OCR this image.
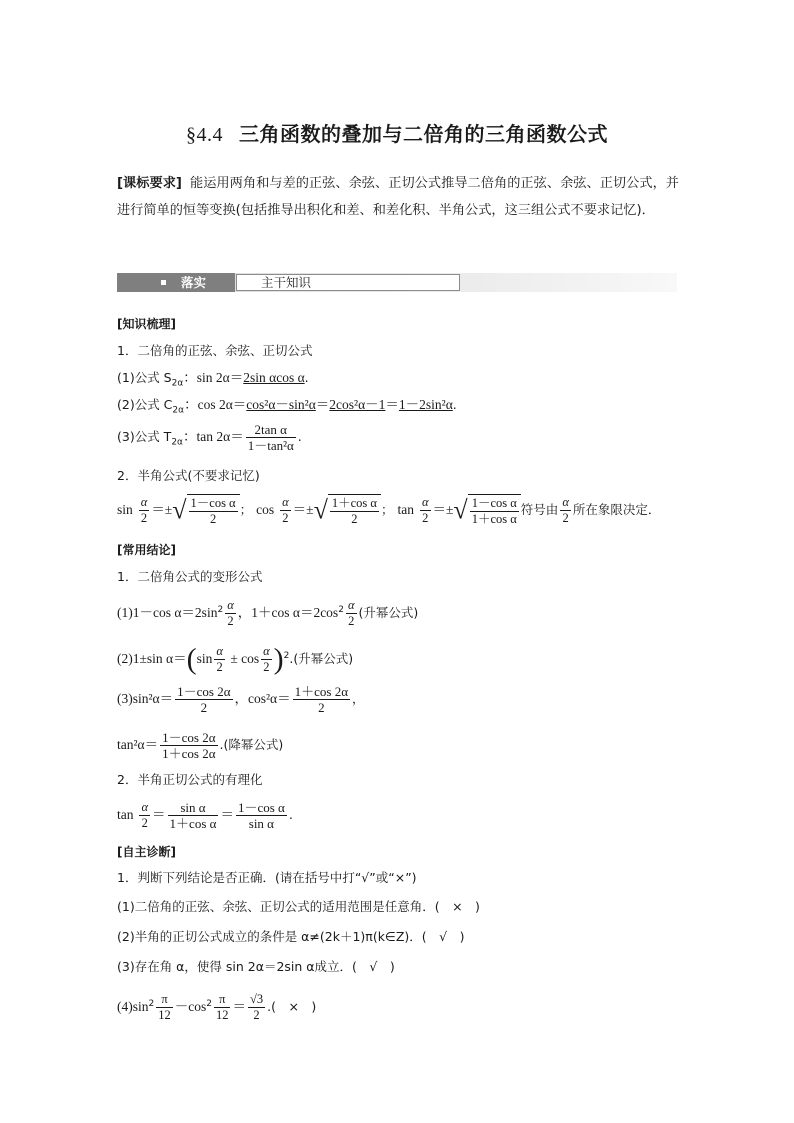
§4.4 三角函数的叠加与二倍角的三角函数公式
[课标要求] 能运用两角和与差的正弦、余弦、正切公式推导二倍角的正弦、余弦、正切公式，并进行简单的恒等变换(包括推导出积化和差、和差化积、半角公式，这三组公式不要求记忆)．
落实	主干知识
[知识梳理]
1．二倍角的正弦、余弦、正切公式
(1)公式 $S_{2\alpha}$：sin 2α＝2sin αcos α.
(2)公式 $C_{2\alpha}$：cos 2α＝cos²α－sin²α＝2cos²α－1＝1－2sin²α.
(3)公式 $T_{2\alpha}$：$\tan 2\alpha= \frac{\text{2tan α}}{\text{1－tan²α}}$ .
2．半角公式(不要求记忆)
$\sin \frac{\alpha}{2}$ ＝±√ $\frac{\text{1－cos α}}{2}$ ； $\cos \frac{\alpha}{2}$ ＝±√ $\frac{\text{1＋cos α}}{2}$ ； $\tan \frac{\alpha}{2}$ ＝±√ $\frac{\text{1－cos α}}{\text{1＋cos α}}$ 符号由 $\frac{\alpha}{2}$ 所在象限决定．
[常用结论]
1．二倍角公式的变形公式
(1)1－cos $\alpha=2\sin^2 \frac{\alpha}{2}$ ，1＋cos $\alpha=2\cos^2 \frac{\alpha}{2}$ (升幂公式)
(2)1±sin $\alpha=(\sin \frac{\alpha}{2} \pm \cos \frac{\alpha}{2} )^2$.(升幂公式)
$(3)\sin^2\alpha= \frac{1-\cos 2\alpha}{2}$ ，$\cos^2\alpha= \frac{1+\cos 2\alpha}{2}$ ，
$\tan^2\alpha= \frac{1-\cos 2\alpha}{1+\cos 2\alpha}$ .(降幂公式)
2．半角正切公式的有理化
$\tan \frac{\alpha}{2} = \frac{\text{sin α}}{\text{1＋cos α}} = \frac{\text{1－cos α}}{\text{sin α}}$ .
[自主诊断]
1．判断下列结论是否正确．(请在括号中打“√”或“×”)
(1)二倍角的正弦、余弦、正切公式的适用范围是任意角．(　×　)
(2)半角的正切公式成立的条件是 α≠(2k＋1)π(k∈Z)．(　√　)
(3)存在角 α，使得 sin 2α＝2sin α成立．(　√　)
$(4)\sin^2 \frac{\pi}{12} -\cos^2 \frac{\pi}{12} = \frac{√3}{2}$ .(　×　)
